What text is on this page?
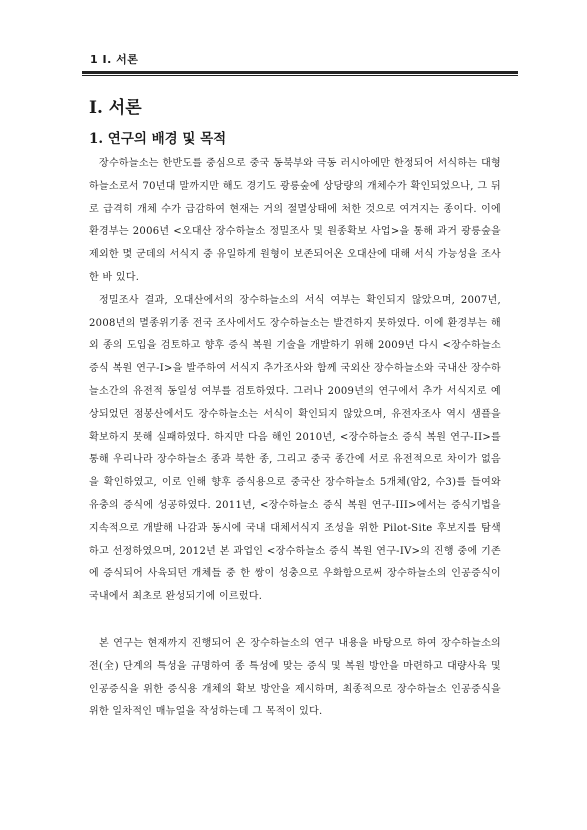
1 Ⅰ. 서론
Ⅰ. 서론
1. 연구의 배경 및 목적

장수하늘소는 한반도를 중심으로 중국 동북부와 극동 러시아에만 한정되어 서식하는 대형하늘소로서 70년대 말까지만 해도 경기도 광릉숲에 상당량의 개체수가 확인되었으나, 그 뒤로 급격히 개체 수가 급감하여 현재는 거의 절멸상태에 처한 것으로 여겨지는 종이다. 이에 환경부는 2006년 <오대산 장수하늘소 정밀조사 및 원종확보 사업>을 통해 과거 광릉숲을 제외한 몇 군데의 서식지 중 유일하게 원형이 보존되어온 오대산에 대해 서식 가능성을 조사한 바 있다.

정밀조사 결과, 오대산에서의 장수하늘소의 서식 여부는 확인되지 않았으며, 2007년, 2008년의 멸종위기종 전국 조사에서도 장수하늘소는 발견하지 못하였다. 이에 환경부는 해외 종의 도입을 검토하고 향후 증식 복원 기술을 개발하기 위해 2009년 다시 <장수하늘소 증식 복원 연구-I>을 발주하여 서식지 추가조사와 함께 국외산 장수하늘소와 국내산 장수하늘소간의 유전적 동일성 여부를 검토하였다. 그러나 2009년의 연구에서 추가 서식지로 예상되었던 점봉산에서도 장수하늘소는 서식이 확인되지 않았으며, 유전자조사 역시 샘플을 확보하지 못해 실패하였다. 하지만 다음 해인 2010년, <장수하늘소 증식 복원 연구-II>를 통해 우리나라 장수하늘소 종과 북한 종, 그리고 중국 종간에 서로 유전적으로 차이가 없음을 확인하였고, 이로 인해 향후 증식용으로 중국산 장수하늘소 5개체(암2, 수3)를 들여와 유충의 증식에 성공하였다. 2011년, <장수하늘소 증식 복원 연구-III>에서는 증식기법을 지속적으로 개발해 나감과 동시에 국내 대체서식지 조성을 위한 Pilot-Site 후보지를 탐색하고 선정하였으며, 2012년 본 과업인 <장수하늘소 증식 복원 연구-IV>의 진행 중에 기존에 증식되어 사육되던 개체들 중 한 쌍이 성충으로 우화함으로써 장수하늘소의 인공증식이 국내에서 최초로 완성되기에 이르렀다.

본 연구는 현재까지 진행되어 온 장수하늘소의 연구 내용을 바탕으로 하여 장수하늘소의 전(全) 단계의 특성을 규명하여 종 특성에 맞는 증식 및 복원 방안을 마련하고 대량사육 및 인공증식을 위한 증식용 개체의 확보 방안을 제시하며, 최종적으로 장수하늘소 인공증식을 위한 일차적인 매뉴얼을 작성하는데 그 목적이 있다.
